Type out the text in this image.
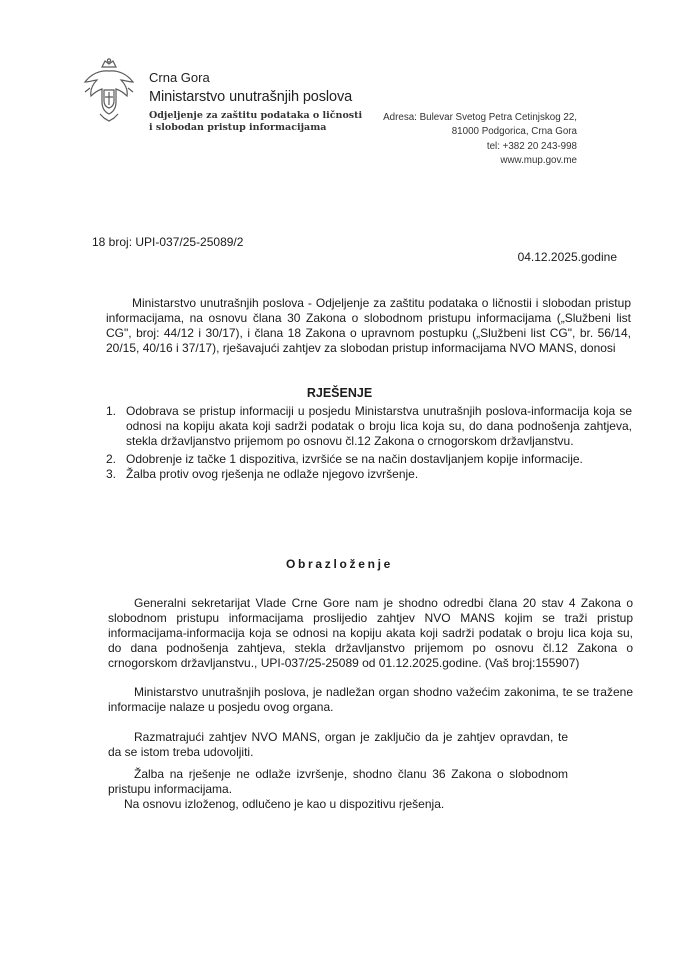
Crna Gora
Ministarstvo unutrašnjih poslova
Odjeljenje za zaštitu podataka o ličnosti
i slobodan pristup informacijama
Adresa: Bulevar Svetog Petra Cetinjskog 22,
81000 Podgorica, Crna Gora
tel: +382 20 243-998
www.mup.gov.me
18 broj: UPI-037/25-25089/2
04.12.2025.godine
Ministarstvo unutrašnjih poslova - Odjeljenje za zaštitu podataka o ličnostii i slobodan pristup informacijama, na osnovu člana 30 Zakona o slobodnom pristupu informacijama („Službeni list CG", broj: 44/12 i 30/17), i člana 18 Zakona o upravnom postupku („Službeni list CG", br. 56/14, 20/15, 40/16 i 37/17), rješavajući zahtjev za slobodan pristup informacijama NVO MANS, donosi
RJEŠENJE
1. Odobrava se pristup informaciji u posjedu Ministarstva unutrašnjih poslova-informacija koja se odnosi na kopiju akata koji sadrži podatak o broju lica koja su, do dana podnošenja zahtjeva, stekla državljanstvo prijemom po osnovu čl.12 Zakona o crnogorskom državljanstvu.
2. Odobrenje iz tačke 1 dispozitiva, izvršiće se na način dostavljanjem kopije informacije.
3. Žalba protiv ovog rješenja ne odlaže njegovo izvršenje.
Obrazloženje
Generalni sekretarijat Vlade Crne Gore nam je shodno odredbi člana 20 stav 4 Zakona o slobodnom pristupu informacijama proslijedio zahtjev NVO MANS kojim se traži pristup informacijama-informacija koja se odnosi na kopiju akata koji sadrži podatak o broju lica koja su, do dana podnošenja zahtjeva, stekla državljanstvo prijemom po osnovu čl.12 Zakona o crnogorskom državljanstvu., UPI-037/25-25089 od 01.12.2025.godine. (Vaš broj:155907)
Ministarstvo unutrašnjih poslova, je nadležan organ shodno važećim zakonima, te se tražene informacije nalaze u posjedu ovog organa.
Razmatrajući zahtjev NVO MANS, organ je zaključio da je zahtjev opravdan, te da se istom treba udovoljiti.
Žalba na rješenje ne odlaže izvršenje, shodno članu 36 Zakona o slobodnom pristupu informacijama.
Na osnovu izloženog, odlučeno je kao u dispozitivu rješenja.
